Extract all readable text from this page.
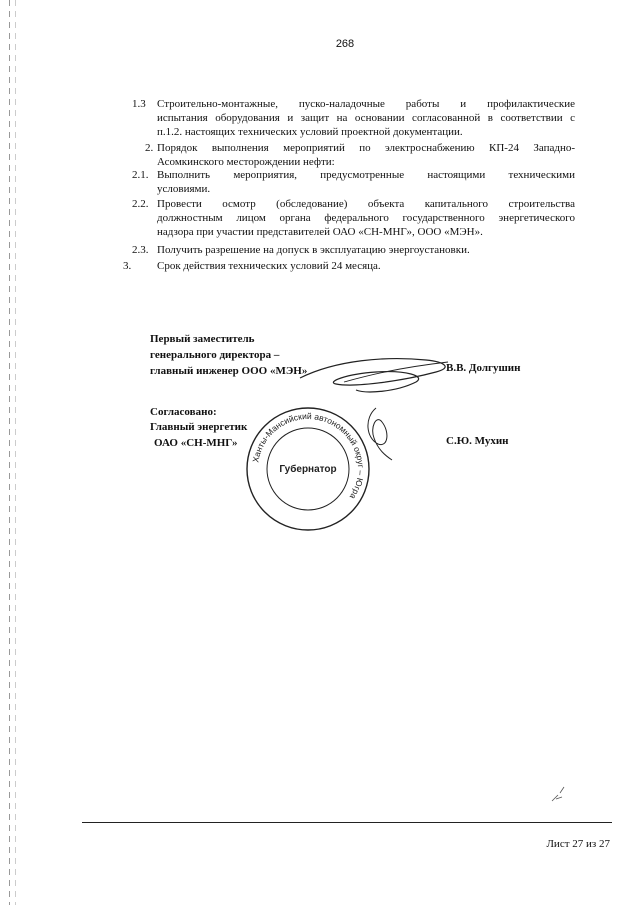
268
1.3 Строительно-монтажные, пуско-наладочные работы и профилактические
испытания оборудования и защит на основании согласованной в соответствии с
п.1.2. настоящих технических условий проектной документации.
2. Порядок выполнения мероприятий по электроснабжению КП-24 Западно-
Асомкинского месторождении нефти:
2.1. Выполнить мероприятия, предусмотренные настоящими техническими
условиями.
2.2. Провести осмотр (обследование) объекта капитального строительства
должностным лицом органа федерального государственного энергетического
надзора при участии представителей ОАО «СН-МНГ», ООО «МЭН».
2.3. Получить разрешение на допуск в эксплуатацию энергоустановки.
3. Срок действия технических условий 24 месяца.
Первый заместитель
генерального директора –
главный инженер ООО «МЭН»	В.В. Долгушин
Согласовано:
Главный энергетик
ОАО «СН-МНГ»	С.Ю. Мухин
Ханты-Мансийский автономный округ – Югра
Губернатор
Лист 27 из 27
